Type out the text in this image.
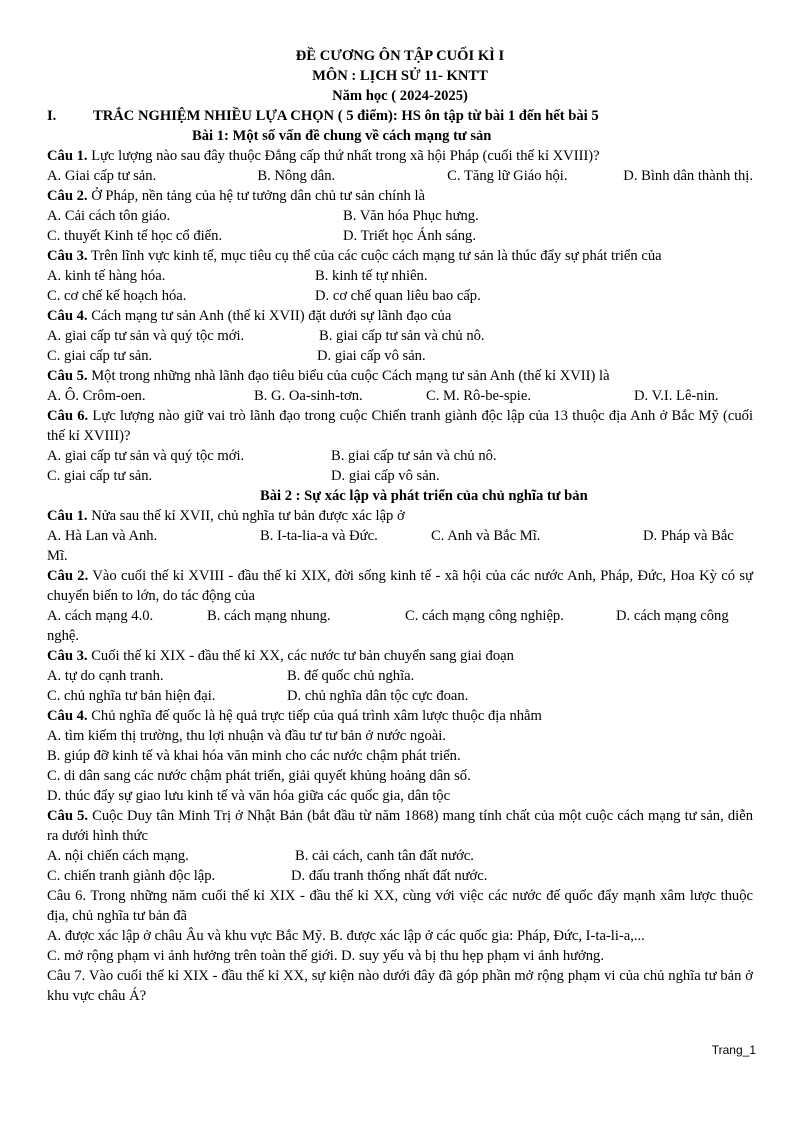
ĐỀ CƯƠNG ÔN TẬP CUỐI KÌ I
MÔN : LỊCH SỬ 11- KNTT
Năm học ( 2024-2025)
I.	TRẮC NGHIỆM NHIỀU LỰA CHỌN ( 5 điểm): HS ôn tập từ bài 1 đến hết bài 5
Bài 1: Một số vấn đề chung về cách mạng tư sản
Câu 1. Lực lượng nào sau đây thuộc Đẳng cấp thứ nhất trong xã hội Pháp (cuối thế kỉ XVIII)?
A. Giai cấp tư sản.	B. Nông dân.	C. Tăng lữ Giáo hội.	D. Bình dân thành thị.
Câu 2. Ở Pháp, nền tảng của hệ tư tưởng dân chủ tư sản chính là
A. Cải cách tôn giáo.	B. Văn hóa Phục hưng.
C. thuyết Kinh tế học cổ điển.	D. Triết học Ánh sáng.
Câu 3. Trên lĩnh vực kinh tế, mục tiêu cụ thể của các cuộc cách mạng tư sản là thúc đẩy sự phát triển của
A. kinh tế hàng hóa.	B. kinh tế tự nhiên.
C. cơ chế kế hoạch hóa.	D. cơ chế quan liêu bao cấp.
Câu 4. Cách mạng tư sản Anh (thế kỉ XVII) đặt dưới sự lãnh đạo của
A. giai cấp tư sản và quý tộc mới.	B. giai cấp tư sản và chủ nô.
C. giai cấp tư sản.	D. giai cấp vô sản.
Câu 5. Một trong những nhà lãnh đạo tiêu biểu của cuộc Cách mạng tư sản Anh (thế kỉ XVII) là
A. Ô. Crôm-oen.	B. G. Oa-sinh-tơn.	C. M. Rô-be-spie.	D. V.I. Lê-nin.
Câu 6. Lực lượng nào giữ vai trò lãnh đạo trong cuộc Chiến tranh giành độc lập của 13 thuộc địa Anh ở Bắc Mỹ (cuối thế kỉ XVIII)?
A. giai cấp tư sản và quý tộc mới.	B. giai cấp tư sản và chủ nô.
C. giai cấp tư sản.	D. giai cấp vô sản.
Bài 2 : Sự xác lập và phát triển của chủ nghĩa tư bản
Câu 1. Nửa sau thế kỉ XVII, chủ nghĩa tư bản được xác lập ở
A. Hà Lan và Anh.	B. I-ta-lia-a và Đức.	C. Anh và Bắc Mĩ.	D. Pháp và Bắc
Mĩ.
Câu 2. Vào cuối thế kỉ XVIII - đầu thế kỉ XIX, đời sống kinh tế - xã hội của các nước Anh, Pháp, Đức, Hoa Kỳ có sự chuyển biến to lớn, do tác động của
A. cách mạng 4.0.	B. cách mạng nhung.	C. cách mạng công nghiệp.	D. cách mạng công
nghệ.
Câu 3. Cuối thế kỉ XIX - đầu thế kỉ XX, các nước tư bản chuyển sang giai đoạn
A. tự do cạnh tranh.	B. đế quốc chủ nghĩa.
C. chủ nghĩa tư bản hiện đại.	D. chủ nghĩa dân tộc cực đoan.
Câu 4. Chủ nghĩa đế quốc là hệ quả trực tiếp của quá trình xâm lược thuộc địa nhằm
A. tìm kiếm thị trường, thu lợi nhuận và đầu tư tư bản ở nước ngoài.
B. giúp đỡ kinh tế và khai hóa văn minh cho các nước chậm phát triển.
C. di dân sang các nước chậm phát triển, giải quyết khủng hoảng dân số.
D. thúc đẩy sự giao lưu kinh tế và văn hóa giữa các quốc gia, dân tộc
Câu 5. Cuộc Duy tân Minh Trị ở Nhật Bản (bắt đầu từ năm 1868) mang tính chất của một cuộc cách mạng tư sản, diễn ra dưới hình thức
A. nội chiến cách mạng.	B. cải cách, canh tân đất nước.
C. chiến tranh giành độc lập.	D. đấu tranh thống nhất đất nước.
Câu 6. Trong những năm cuối thế kỉ XIX - đầu thế kỉ XX, cùng với việc các nước đế quốc đẩy mạnh xâm lược thuộc địa, chủ nghĩa tư bản đã
A. được xác lập ở châu Âu và khu vực Bắc Mỹ. B. được xác lập ở các quốc gia: Pháp, Đức, I-ta-li-a,...
C. mở rộng phạm vi ảnh hưởng trên toàn thế giới. D. suy yếu và bị thu hẹp phạm vi ảnh hưởng.
Câu 7. Vào cuối thế kỉ XIX - đầu thế kỉ XX, sự kiện nào dưới đây đã góp phần mở rộng phạm vi của chủ nghĩa tư bản ở khu vực châu Á?
Trang_1
